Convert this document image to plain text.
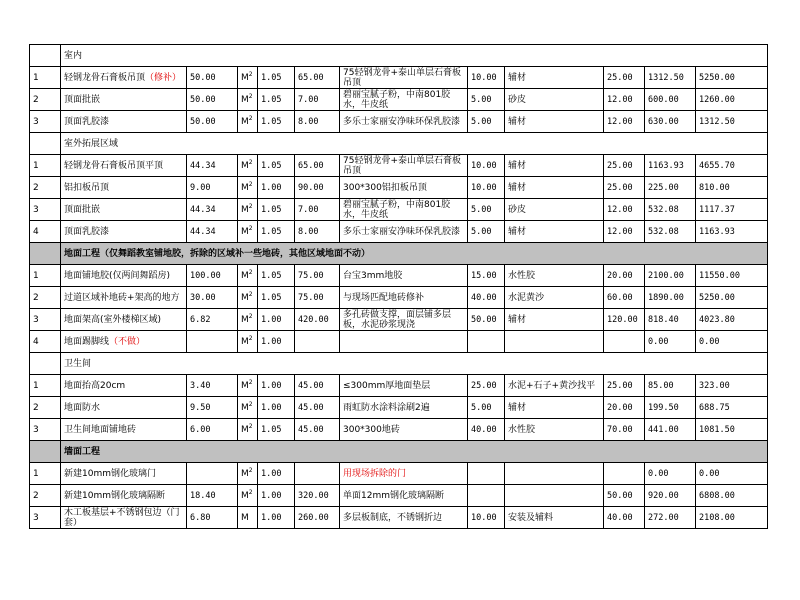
	室内										
1	轻钢龙骨石膏板吊顶（修补）	50.00	$M^2$	1.05	65.00	75轻钢龙骨+泰山单层石膏板吊顶	10.00	辅材	25.00	1312.50	5250.00
2	顶面批嵌	50.00	$M^2$	1.05	7.00	碧丽宝腻子粉，中南801胶水，牛皮纸	5.00	砂皮	12.00	600.00	1260.00
3	顶面乳胶漆	50.00	$M^2$	1.05	8.00	多乐士家丽安净味环保乳胶漆	5.00	辅材	12.00	630.00	1312.50
	室外拓展区域										
1	轻钢龙骨石膏板吊顶平顶	44.34	$M^2$	1.05	65.00	75轻钢龙骨+泰山单层石膏板吊顶	10.00	辅材	25.00	1163.93	4655.70
2	铝扣板吊顶	9.00	$M^2$	1.00	90.00	300*300铝扣板吊顶	10.00	辅材	25.00	225.00	810.00
3	顶面批嵌	44.34	$M^2$	1.05	7.00	碧丽宝腻子粉，中南801胶水，牛皮纸	5.00	砂皮	12.00	532.08	1117.37
4	顶面乳胶漆	44.34	$M^2$	1.05	8.00	多乐士家丽安净味环保乳胶漆	5.00	辅材	12.00	532.08	1163.93
	地面工程（仅舞蹈教室铺地胶，拆除的区域补一些地砖，其他区域地面不动）										
1	地面铺地胶(仅两间舞蹈房)	100.00	$M^2$	1.05	75.00	台宝3mm地胶	15.00	水性胶	20.00	2100.00	11550.00
2	过道区域补地砖+架高的地方	30.00	$M^2$	1.05	75.00	与现场匹配地砖修补	40.00	水泥黄沙	60.00	1890.00	5250.00
3	地面架高(室外楼梯区域)	6.82	$M^2$	1.00	420.00	多孔砖做支撑，面层铺多层板，水泥砂浆现浇	50.00	辅材	120.00	818.40	4023.80
4	地面踢脚线（不做）		$M^2$	1.00						0.00	0.00
	卫生间										
1	地面抬高20cm	3.40	$M^2$	1.00	45.00	≤300mm厚地面垫层	25.00	水泥+石子+黄沙找平	25.00	85.00	323.00
2	地面防水	9.50	$M^2$	1.00	45.00	雨虹防水涂料涂刷2遍	5.00	辅材	20.00	199.50	688.75
3	卫生间地面铺地砖	6.00	$M^2$	1.05	45.00	300*300地砖	40.00	水性胶	70.00	441.00	1081.50
	墙面工程										
1	新建10mm钢化玻璃门		$M^2$	1.00		用现场拆除的门				0.00	0.00
2	新建10mm钢化玻璃隔断	18.40	$M^2$	1.00	320.00	单面12mm钢化玻璃隔断			50.00	920.00	6808.00
3	木工板基层+不锈钢包边（门套）	6.80	M	1.00	260.00	多层板制底，不锈钢折边	10.00	安装及辅料	40.00	272.00	2108.00
